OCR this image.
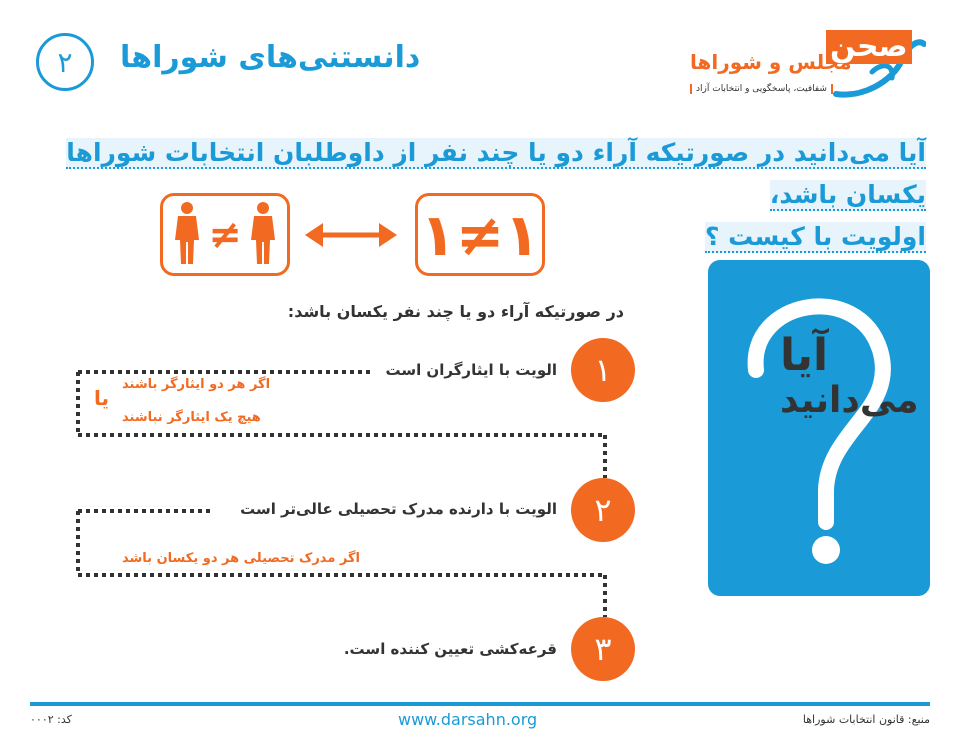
۲ دانستنی‌های شوراها	صحن
مجلس و شوراها
شفافیت، پاسخگویی و انتخابات آزاد
آیا می‌دانید در صورتیکه آراء دو یا چند نفر از داوطلبان انتخابات شوراها یکسان باشد،
اولویت با کیست ؟
≠	۱≠۱
آیا
می‌دانید
در صورتیکه آراء دو یا چند نفر یکسان باشد:
۱
۲
۳
الویت با ایثارگران است
الویت با دارنده مدرک تحصیلی عالی‌تر است
قرعه‌کشی تعیین کننده است.
اگر هر دو ایثارگر باشند
یا
هیچ یک ایثارگر نباشند
اگر مدرک تحصیلی هر دو یکسان باشد
کد: ۰۰۰۲	www.darsahn.org	منبع: قانون انتخابات شوراها
